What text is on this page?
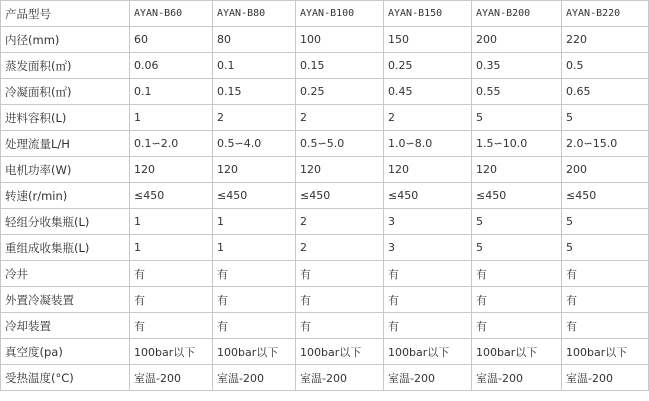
产品型号	AYAN-B60	AYAN-B80	AYAN-B100	AYAN-B150	AYAN-B200	AYAN-B220
内径(mm)	60	80	100	150	200	220
蒸发面积(㎡)	0.06	0.1	0.15	0.25	0.35	0.5
冷凝面积(㎡)	0.1	0.15	0.25	0.45	0.55	0.65
进料容积(L)	1	2	2	2	5	5
处理流量L/H	0.1∽2.0	0.5∽4.0	0.5∽5.0	1.0∽8.0	1.5∽10.0	2.0∽15.0
电机功率(W)	120	120	120	120	120	200
转速(r/min)	≤450	≤450	≤450	≤450	≤450	≤450
轻组分收集瓶(L)	1	1	2	3	5	5
重组成收集瓶(L)	1	1	2	3	5	5
冷井	有	有	有	有	有	有
外置冷凝装置	有	有	有	有	有	有
冷却装置	有	有	有	有	有	有
真空度(pa)	100bar以下	100bar以下	100bar以下	100bar以下	100bar以下	100bar以下
受热温度(°C)	室温-200	室温-200	室温-200	室温-200	室温-200	室温-200
